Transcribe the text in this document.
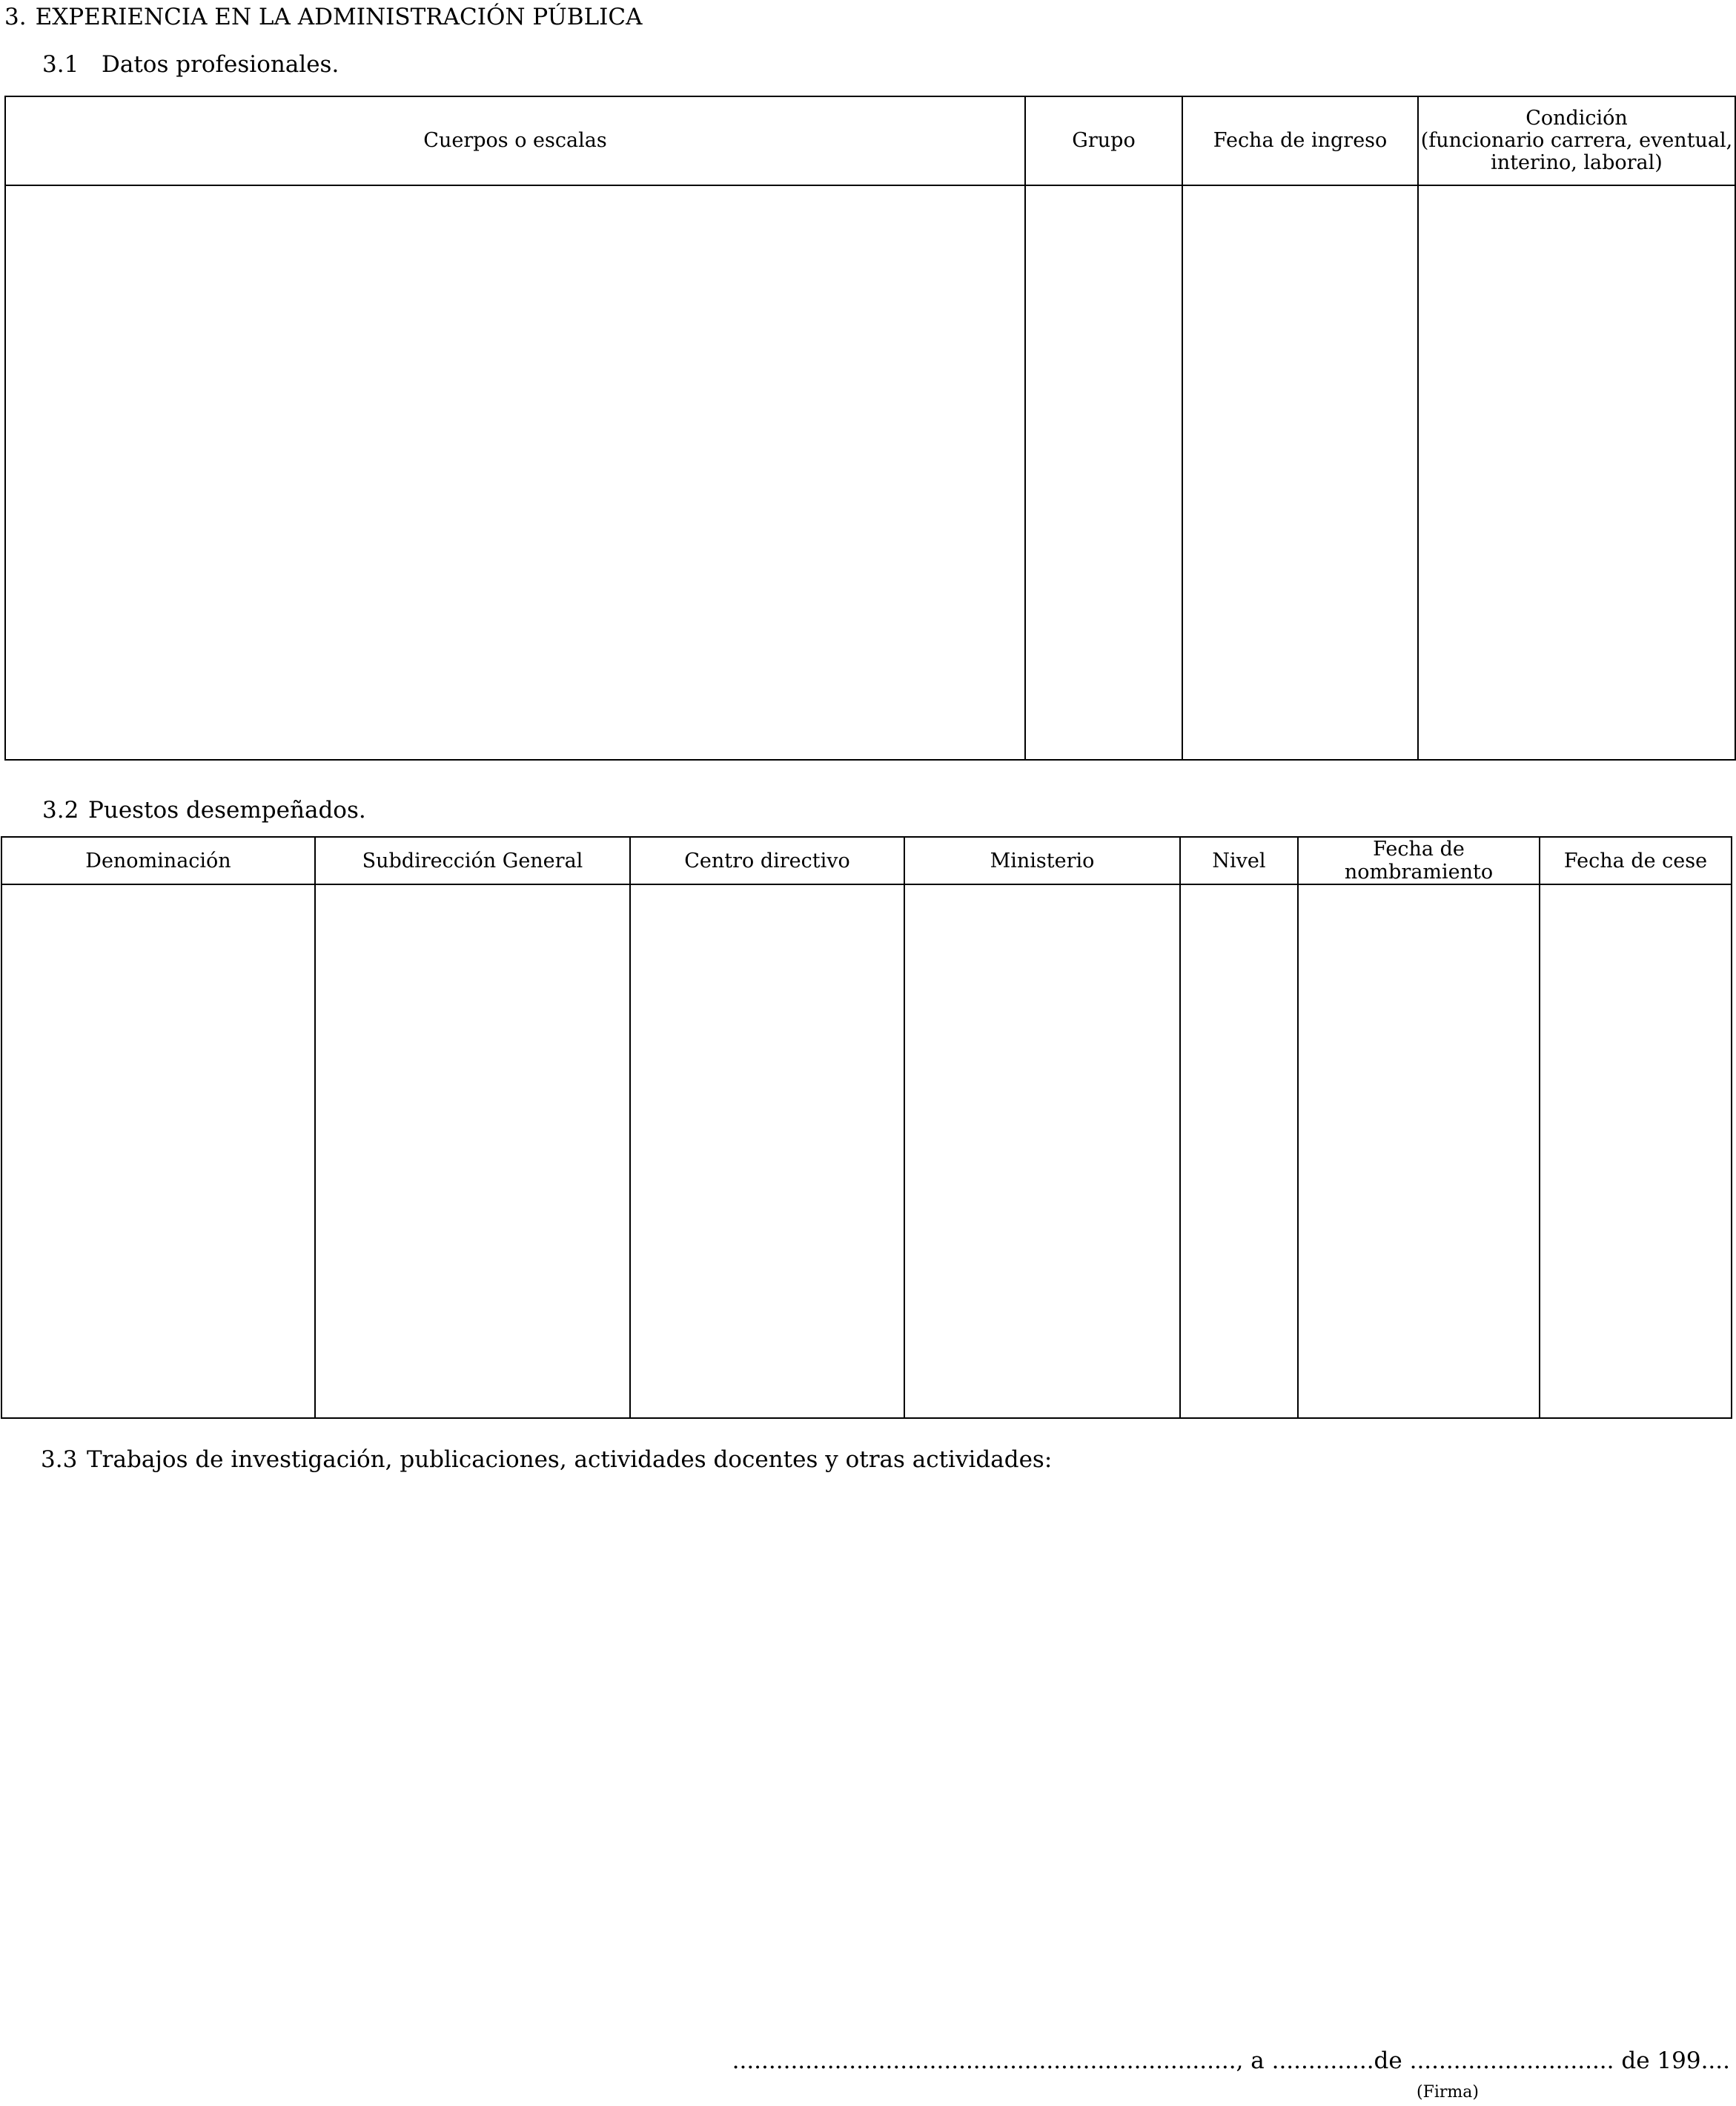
3. EXPERIENCIA EN LA ADMINISTRACIÓN PÚBLICA
3.1 Datos profesionales.
Cuerpos o escalas	Grupo	Fecha de ingreso	Condición
(funcionario carrera, eventual, interino, laboral)

3.2 Puestos desempeñados.
Denominación	Subdirección General	Centro directivo	Ministerio	Nivel	Fecha de nombramiento	Fecha de cese

3.3 Trabajos de investigación, publicaciones, actividades docentes y otras actividades:
....................................................................., a ..............de ............................ de 199....
(Firma)
